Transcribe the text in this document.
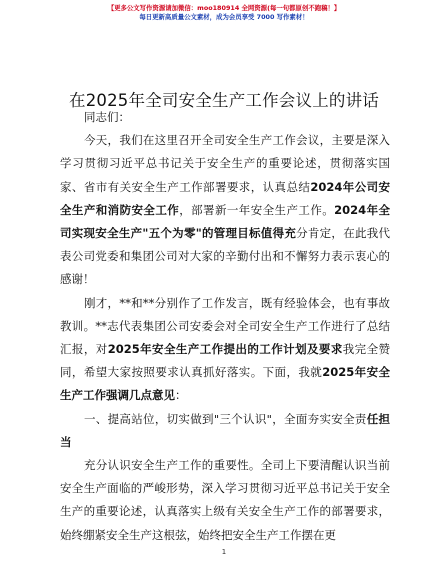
【更多公文写作资源请加微信：moo180914 全网资源(每一句都原创不跑稿！】
每日更新高质量公文素材，成为会员享受 7000 写作素材！
在2025年全司安全生产工作会议上的讲话

同志们：

今天，我们在这里召开全司安全生产工作会议，主要是深入学习贯彻习近平总书记关于安全生产的重要论述，贯彻落实国家、省市有关安全生产工作部署要求，认真总结2024年公司安全生产和消防安全工作，部署新一年安全生产工作。2024年全司实现安全生产"五个为零"的管理目标值得充分肯定，在此我代表公司党委和集团公司对大家的辛勤付出和不懈努力表示衷心的感谢！

刚才，**和**分别作了工作发言，既有经验体会，也有事故教训。**志代表集团公司安委会对全司安全生产工作进行了总结汇报，对2025年安全生产工作提出的工作计划及要求我完全赞同，希望大家按照要求认真抓好落实。下面，我就2025年安全生产工作强调几点意见：

一、提高站位，切实做到"三个认识"，全面夯实安全责任担当

充分认识安全生产工作的重要性。全司上下要清醒认识当前安全生产面临的严峻形势，深入学习贯彻习近平总书记关于安全生产的重要论述，认真落实上级有关安全生产工作的部署要求，始终绷紧安全生产这根弦，始终把安全生产工作摆在更

1
